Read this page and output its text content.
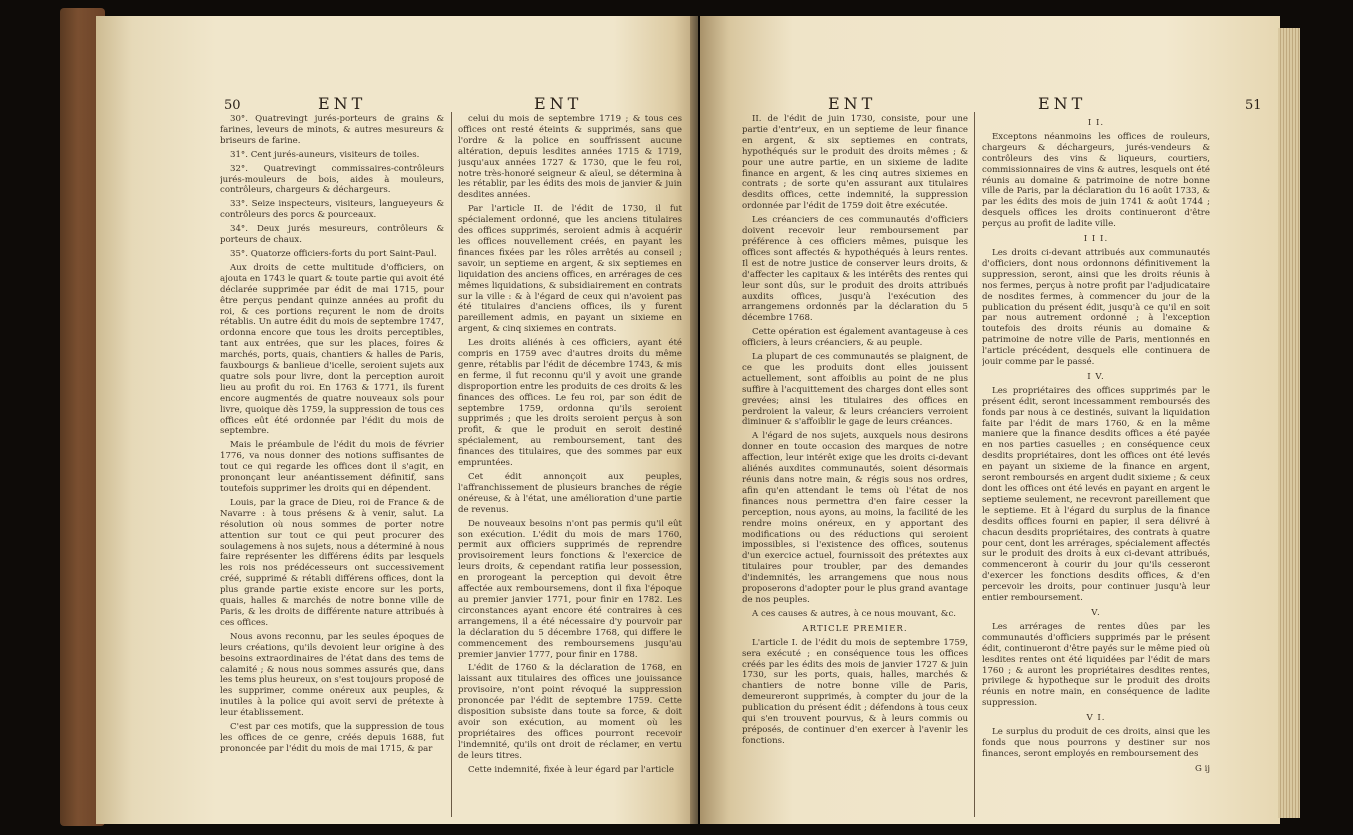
50	ENT	ENT

30°. Quatrevingt jurés-porteurs de grains & farines, leveurs de minots, & autres mesureurs & briseurs de farine.

31°. Cent jurés-auneurs, visiteurs de toiles.

32°. Quatrevingt commissaires-contrôleurs jurés-mouleurs de bois, aides à mouleurs, contrôleurs, chargeurs & déchargeurs.

33°. Seize inspecteurs, visiteurs, langueyeurs & contrôleurs des porcs & pourceaux.

34°. Deux jurés mesureurs, contrôleurs & porteurs de chaux.

35°. Quatorze officiers-forts du port Saint-Paul.

Aux droits de cette multitude d'officiers, on ajouta en 1743 le quart & toute partie qui avoit été déclarée supprimée par édit de mai 1715, pour être perçus pendant quinze années au profit du roi, & ces portions reçurent le nom de droits rétablis. Un autre édit du mois de septembre 1747, ordonna encore que tous les droits perceptibles, tant aux entrées, que sur les places, foires & marchés, ports, quais, chantiers & halles de Paris, fauxbourgs & banlieue d'icelle, seroient sujets aux quatre sols pour livre, dont la perception auroit lieu au profit du roi. En 1763 & 1771, ils furent encore augmentés de quatre nouveaux sols pour livre, quoique dès 1759, la suppression de tous ces offices eût été ordonnée par l'édit du mois de septembre.

Mais le préambule de l'édit du mois de février 1776, va nous donner des notions suffisantes de tout ce qui regarde les offices dont il s'agit, en prononçant leur anéantissement définitif, sans toutefois supprimer les droits qui en dépendent.

Louis, par la grace de Dieu, roi de France & de Navarre : à tous présens & à venir, salut. La résolution où nous sommes de porter notre attention sur tout ce qui peut procurer des soulagemens à nos sujets, nous a déterminé à nous faire représenter les différens édits par lesquels les rois nos prédécesseurs ont successivement créé, supprimé & rétabli différens offices, dont la plus grande partie existe encore sur les ports, quais, halles & marchés de notre bonne ville de Paris, & les droits de différente nature attribués à ces offices.

Nous avons reconnu, par les seules époques de leurs créations, qu'ils devoient leur origine à des besoins extraordinaires de l'état dans des tems de calamité ; & nous nous sommes assurés que, dans les tems plus heureux, on s'est toujours proposé de les supprimer, comme onéreux aux peuples, & inutiles à la police qui avoit servi de prétexte à leur établissement.

C'est par ces motifs, que la suppression de tous les offices de ce genre, créés depuis 1688, fut prononcée par l'édit du mois de mai 1715, & par

celui du mois de septembre 1719 ; & tous ces offices ont resté éteints & supprimés, sans que l'ordre & la police en souffrissent aucune altération, depuis lesdites années 1715 & 1719, jusqu'aux années 1727 & 1730, que le feu roi, notre très-honoré seigneur & aïeul, se détermina à les rétablir, par les édits des mois de janvier & juin desdites années.

Par l'article II. de l'édit de 1730, il fut spécialement ordonné, que les anciens titulaires des offices supprimés, seroient admis à acquérir les offices nouvellement créés, en payant les finances fixées par les rôles arrêtés au conseil ; savoir, un septieme en argent, & six septiemes en liquidation des anciens offices, en arrérages de ces mêmes liquidations, & subsidiairement en contrats sur la ville : & à l'égard de ceux qui n'avoient pas été titulaires d'anciens offices, ils y furent pareillement admis, en payant un sixieme en argent, & cinq sixiemes en contrats.

Les droits aliénés à ces officiers, ayant été compris en 1759 avec d'autres droits du même genre, rétablis par l'édit de décembre 1743, & mis en ferme, il fut reconnu qu'il y avoit une grande disproportion entre les produits de ces droits & les finances des offices. Le feu roi, par son édit de septembre 1759, ordonna qu'ils seroient supprimés ; que les droits seroient perçus à son profit, & que le produit en seroit destiné spécialement, au remboursement, tant des finances des titulaires, que des sommes par eux empruntées.

Cet édit annonçoit aux peuples, l'affranchissement de plusieurs branches de régie onéreuse, & à l'état, une amélioration d'une partie de revenus.

De nouveaux besoins n'ont pas permis qu'il eût son exécution. L'édit du mois de mars 1760, permit aux officiers supprimés de reprendre provisoirement leurs fonctions & l'exercice de leurs droits, & cependant ratifia leur possession, en prorogeant la perception qui devoit être affectée aux remboursemens, dont il fixa l'époque au premier janvier 1771, pour finir en 1782. Les circonstances ayant encore été contraires à ces arrangemens, il a été nécessaire d'y pourvoir par la déclaration du 5 décembre 1768, qui differe le commencement des remboursemens jusqu'au premier janvier 1777, pour finir en 1788.

L'édit de 1760 & la déclaration de 1768, en laissant aux titulaires des offices une jouissance provisoire, n'ont point révoqué la suppression prononcée par l'édit de septembre 1759. Cette disposition subsiste dans toute sa force, & doit avoir son exécution, au moment où les propriétaires des offices pourront recevoir l'indemnité, qu'ils ont droit de réclamer, en vertu de leurs titres.

Cette indemnité, fixée à leur égard par l'article

ENT	ENT	51

II. de l'édit de juin 1730, consiste, pour une partie d'entr'eux, en un septieme de leur finance en argent, & six septiemes en contrats, hypothéqués sur le produit des droits mêmes ; & pour une autre partie, en un sixieme de ladite finance en argent, & les cinq autres sixiemes en contrats ; de sorte qu'en assurant aux titulaires desdits offices, cette indemnité, la suppression ordonnée par l'édit de 1759 doit être exécutée.

Les créanciers de ces communautés d'officiers doivent recevoir leur remboursement par préférence à ces officiers mêmes, puisque les offices sont affectés & hypothéqués à leurs rentes. Il est de notre justice de conserver leurs droits, & d'affecter les capitaux & les intérêts des rentes qui leur sont dûs, sur le produit des droits attribués auxdits offices, jusqu'à l'exécution des arrangemens ordonnés par la déclaration du 5 décembre 1768.

Cette opération est également avantageuse à ces officiers, à leurs créanciers, & au peuple.

La plupart de ces communautés se plaignent, de ce que les produits dont elles jouissent actuellement, sont affoiblis au point de ne plus suffire à l'acquittement des charges dont elles sont grevées; ainsi les titulaires des offices en perdroient la valeur, & leurs créanciers verroient diminuer & s'affoiblir le gage de leurs créances.

A l'égard de nos sujets, auxquels nous desirons donner en toute occasion des marques de notre affection, leur intérêt exige que les droits ci-devant aliénés auxdites communautés, soient désormais réunis dans notre main, & régis sous nos ordres, afin qu'en attendant le tems où l'état de nos finances nous permettra d'en faire cesser la perception, nous ayons, au moins, la facilité de les rendre moins onéreux, en y apportant des modifications ou des réductions qui seroient impossibles, si l'existence des offices, soutenus d'un exercice actuel, fournissoit des prétextes aux titulaires pour troubler, par des demandes d'indemnités, les arrangemens que nous nous proposerons d'adopter pour le plus grand avantage de nos peuples.

A ces causes & autres, à ce nous mouvant, &c.

ARTICLE PREMIER.

L'article I. de l'édit du mois de septembre 1759, sera exécuté ; en conséquence tous les offices créés par les édits des mois de janvier 1727 & juin 1730, sur les ports, quais, halles, marchés & chantiers de notre bonne ville de Paris, demeureront supprimés, à compter du jour de la publication du présent édit ; défendons à tous ceux qui s'en trouvent pourvus, & à leurs commis ou préposés, de continuer d'en exercer à l'avenir les fonctions.

I I.

Exceptons néanmoins les offices de rouleurs, chargeurs & déchargeurs, jurés-vendeurs & contrôleurs des vins & liqueurs, courtiers, commissionnaires de vins & autres, lesquels ont été réunis au domaine & patrimoine de notre bonne ville de Paris, par la déclaration du 16 août 1733, & par les édits des mois de juin 1741 & août 1744 ; desquels offices les droits continueront d'être perçus au profit de ladite ville.

I I I.

Les droits ci-devant attribués aux communautés d'officiers, dont nous ordonnons définitivement la suppression, seront, ainsi que les droits réunis à nos fermes, perçus à notre profit par l'adjudicataire de nosdites fermes, à commencer du jour de la publication du présent édit, jusqu'à ce qu'il en soit par nous autrement ordonné ; à l'exception toutefois des droits réunis au domaine & patrimoine de notre ville de Paris, mentionnés en l'article précédent, desquels elle continuera de jouir comme par le passé.

I V.

Les propriétaires des offices supprimés par le présent édit, seront incessamment remboursés des fonds par nous à ce destinés, suivant la liquidation faite par l'édit de mars 1760, & en la même maniere que la finance desdits offices a été payée en nos parties casuelles ; en conséquence ceux desdits propriétaires, dont les offices ont été levés en payant un sixieme de la finance en argent, seront remboursés en argent dudit sixieme ; & ceux dont les offices ont été levés en payant en argent le septieme seulement, ne recevront pareillement que le septieme. Et à l'égard du surplus de la finance desdits offices fourni en papier, il sera délivré à chacun desdits propriétaires, des contrats à quatre pour cent, dont les arrérages, spécialement affectés sur le produit des droits à eux ci-devant attribués, commenceront à courir du jour qu'ils cesseront d'exercer les fonctions desdits offices, & d'en percevoir les droits, pour continuer jusqu'à leur entier remboursement.

V.

Les arrérages de rentes dûes par les communautés d'officiers supprimés par le présent édit, continueront d'être payés sur le même pied où lesdites rentes ont été liquidées par l'édit de mars 1760 ; & auront les propriétaires desdites rentes, privilege & hypotheque sur le produit des droits réunis en notre main, en conséquence de ladite suppression.

V I.

Le surplus du produit de ces droits, ainsi que les fonds que nous pourrons y destiner sur nos finances, seront employés en remboursement des

G ij
